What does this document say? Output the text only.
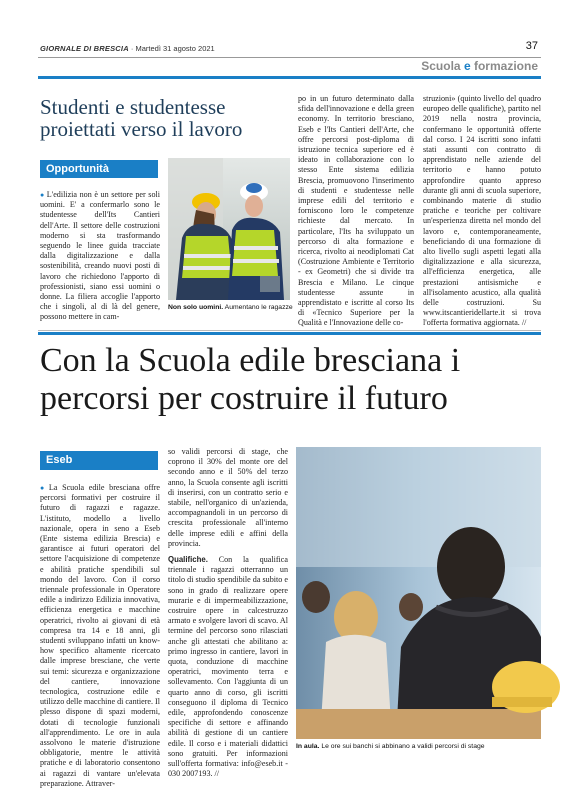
GIORNALE DI BRESCIA · Martedì 31 agosto 2021	37
Scuola e formazione
Studenti e studentesse proiettati verso il lavoro
Opportunità
● L'edilizia non è un settore per soli uomini. E' a confermarlo sono le studentesse dell'Its Cantieri dell'Arte. Il settore delle costruzioni moderno si sta trasformando seguendo le linee guida tracciate dalla digitalizzazione e dalla sostenibilità, creando nuovi posti di lavoro che richiedono l'apporto di professionisti, siano essi uomini o donne. La filiera accoglie l'apporto che i singoli, al di là del genere, possono mettere in cam-
Non solo uomini. Aumentano le ragazze
po in un futuro determinato dalla sfida dell'innovazione e della green economy. In territorio bresciano, Eseb e l'Its Cantieri dell'Arte, che offre percorsi post-diploma di istruzione tecnica superiore ed è ideato in collaborazione con lo stesso Ente sistema edilizia Brescia, promuovono l'inserimento di studenti e studentesse nelle imprese edili del territorio e forniscono loro le competenze richieste dal mercato. In particolare, l'Its ha sviluppato un percorso di alta formazione e ricerca, rivolto ai neodiplomati Cat (Costruzione Ambiente e Territorio - ex Geometri) che si divide tra Brescia e Milano. Le cinque studentesse assunte in apprendistato e iscritte al corso Its di «Tecnico Superiore per la Qualità e l'Innovazione delle co-
struzioni» (quinto livello del quadro europeo delle qualifiche), partito nel 2019 nella nostra provincia, confermano le opportunità offerte dal corso. I 24 iscritti sono infatti stati assunti con contratto di apprendistato nelle aziende del territorio e hanno potuto approfondire quanto appreso durante gli anni di scuola superiore, combinando materie di studio pratiche e teoriche per coltivare un'esperienza diretta nel mondo del lavoro e, contemporaneamente, beneficiando di una formazione di alto livello sugli aspetti legati alla digitalizzazione e alla sicurezza, all'efficienza energetica, alle prestazioni antisismiche e all'isolamento acustico, alla qualità delle costruzioni. Su www.itscantieridellarte.it si trova l'offerta formativa aggiornata. //
Con la Scuola edile bresciana i percorsi per costruire il futuro
Eseb
● La Scuola edile bresciana offre percorsi formativi per costruire il futuro di ragazzi e ragazze. L'istituto, modello a livello nazionale, opera in seno a Eseb (Ente sistema edilizia Brescia) e garantisce ai futuri operatori del settore l'acquisizione di competenze e abilità pratiche spendibili sul mondo del lavoro. Con il corso triennale professionale in Operatore edile a indirizzo Edilizia innovativa, efficienza energetica e macchine operatrici, rivolto ai giovani di età compresa tra 14 e 18 anni, gli studenti sviluppano infatti un know-how specifico altamente ricercato dalle imprese bresciane, che verte sui temi: sicurezza e organizzazione del cantiere, innovazione tecnologica, costruzione edile e utilizzo delle macchine di cantiere. Il plesso dispone di spazi moderni, dotati di tecnologie funzionali all'apprendimento. Le ore in aula assolvono le materie d'istruzione obbligatorie, mentre le attività pratiche e di laboratorio consentono ai ragazzi di vantare un'elevata preparazione. Attraver-
so validi percorsi di stage, che coprono il 30% del monte ore del secondo anno e il 50% del terzo anno, la Scuola consente agli iscritti di inserirsi, con un contratto serio e stabile, nell'organico di un'azienda, accompagnandoli in un percorso di crescita professionale all'interno delle imprese edili e affini della provincia.
Qualifiche. Con la qualifica triennale i ragazzi otterranno un titolo di studio spendibile da subito e sono in grado di realizzare opere murarie e di impermeabilizzazione, costruire opere in calcestruzzo armato e svolgere lavori di scavo. Al termine del percorso sono rilasciati anche gli attestati che abilitano a: primo ingresso in cantiere, lavori in quota, conduzione di macchine operatrici, movimento terra e sollevamento. Con l'aggiunta di un quarto anno di corso, gli iscritti conseguono il diploma di Tecnico edile, approfondendo conoscenze specifiche di settore e affinando abilità di gestione di un cantiere edile. Il corso e i materiali didattici sono gratuiti. Per informazioni sull'offerta formativa: info@eseb.it - 030 2007193. //
In aula. Le ore sui banchi si abbinano a validi percorsi di stage
